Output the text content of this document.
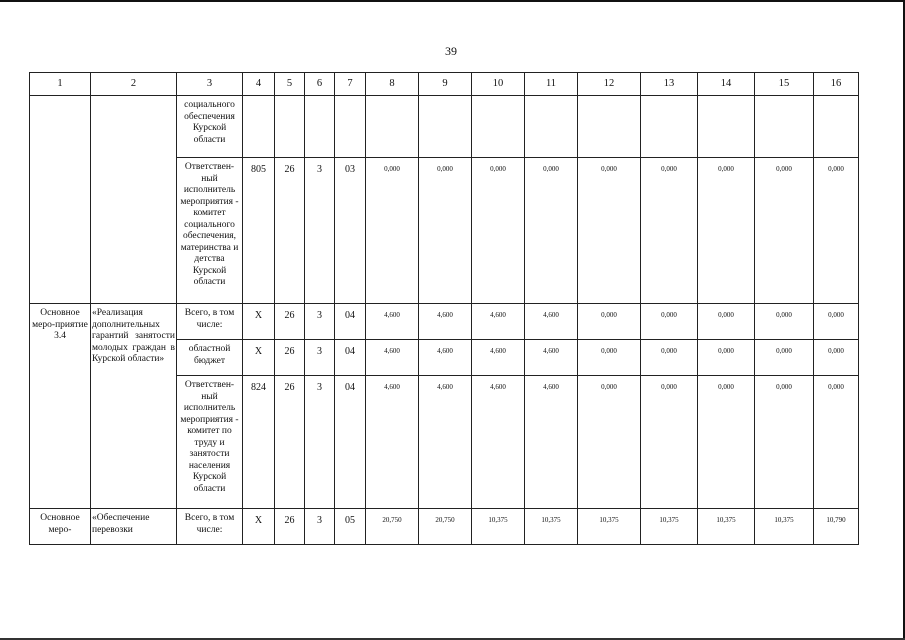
39
1	2	3	4	5	6	7	8	9	10	11	12	13	14	15	16
		социального обеспечения Курской области													
		Ответствен-ный исполнитель мероприятия - комитет социального обеспечения, материнства и детства Курской области	805	26	3	03	0,000	0,000	0,000	0,000	0,000	0,000	0,000	0,000	0,000
Основное меро-приятие 3.4	«Реализация дополнительных гарантий занятости молодых граждан в Курской области»	Всего, в том числе:	Х	26	3	04	4,600	4,600	4,600	4,600	0,000	0,000	0,000	0,000	0,000
		областной бюджет	Х	26	3	04	4,600	4,600	4,600	4,600	0,000	0,000	0,000	0,000	0,000
		Ответствен-ный исполнитель мероприятия - комитет по труду и занятости населения Курской области	824	26	3	04	4,600	4,600	4,600	4,600	0,000	0,000	0,000	0,000	0,000
Основное меро-	«Обеспечение перевозки	Всего, в том числе:	Х	26	3	05	20,750	20,750	10,375	10,375	10,375	10,375	10,375	10,375	10,790
